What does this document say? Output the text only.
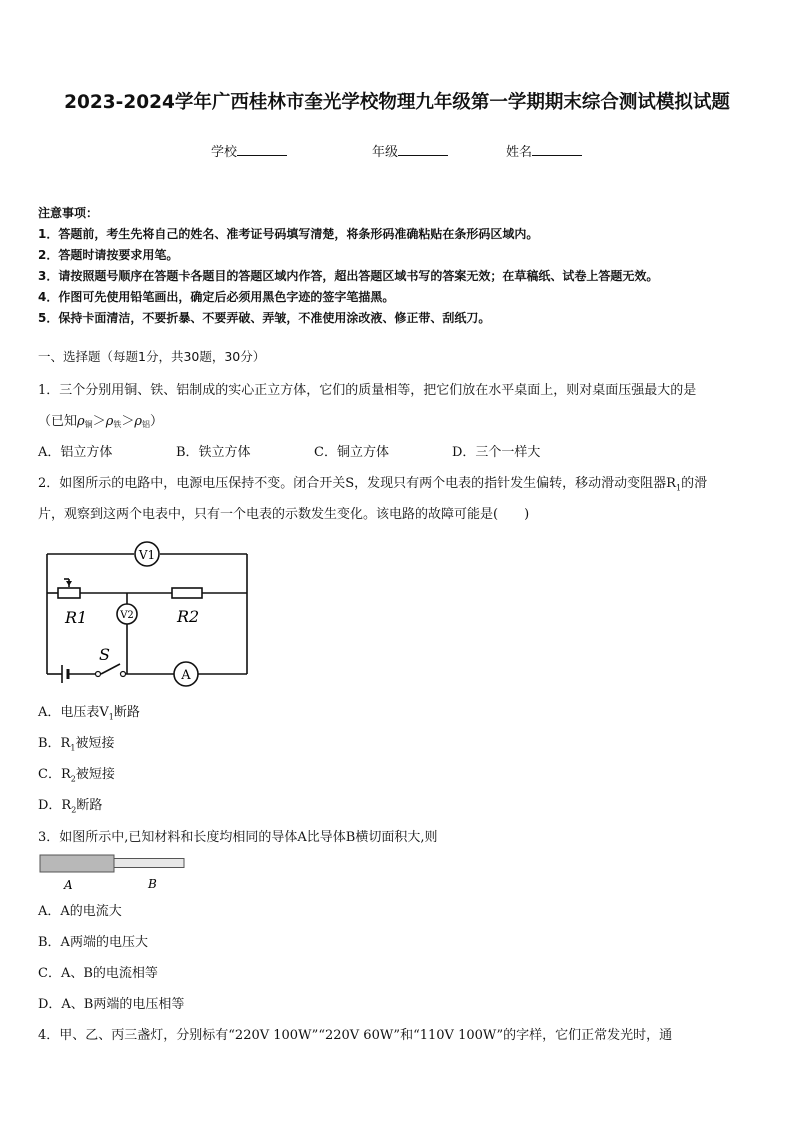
2023-2024学年广西桂林市奎光学校物理九年级第一学期期末综合测试模拟试题
学校	年级	姓名
注意事项：
1．答题前，考生先将自己的姓名、准考证号码填写清楚，将条形码准确粘贴在条形码区域内。
2．答题时请按要求用笔。
3．请按照题号顺序在答题卡各题目的答题区域内作答，超出答题区域书写的答案无效；在草稿纸、试卷上答题无效。
4．作图可先使用铅笔画出，确定后必须用黑色字迹的签字笔描黑。
5．保持卡面清洁，不要折暴、不要弄破、弄皱，不准使用涂改液、修正带、刮纸刀。
一、选择题（每题1分，共30题，30分）
1．三个分别用铜、铁、铝制成的实心正立方体，它们的质量相等，把它们放在水平桌面上，则对桌面压强最大的是
（已知ρ铜＞ρ铁＞ρ铝）
A．铝立方体	B．铁立方体	C．铜立方体	D．三个一样大
2．如图所示的电路中，电源电压保持不变。闭合开关S，发现只有两个电表的指针发生偏转，移动滑动变阻器$R_1$的滑
片，观察到这两个电表中，只有一个电表的示数发生变化。该电路的故障可能是(　　)
V1
V2
A
R1	R2
S
A．电压表$V_1$断路
B．$R_1$被短接
C．$R_2$被短接
D．$R_2$断路
3．如图所示中,已知材料和长度均相同的导体A比导体B横切面积大,则
A	B
A．A的电流大
B．A两端的电压大
C．A、B的电流相等
D．A、B两端的电压相等
4．甲、乙、丙三盏灯，分别标有“220V 100W”“220V 60W”和“110V 100W”的字样，它们正常发光时，通
